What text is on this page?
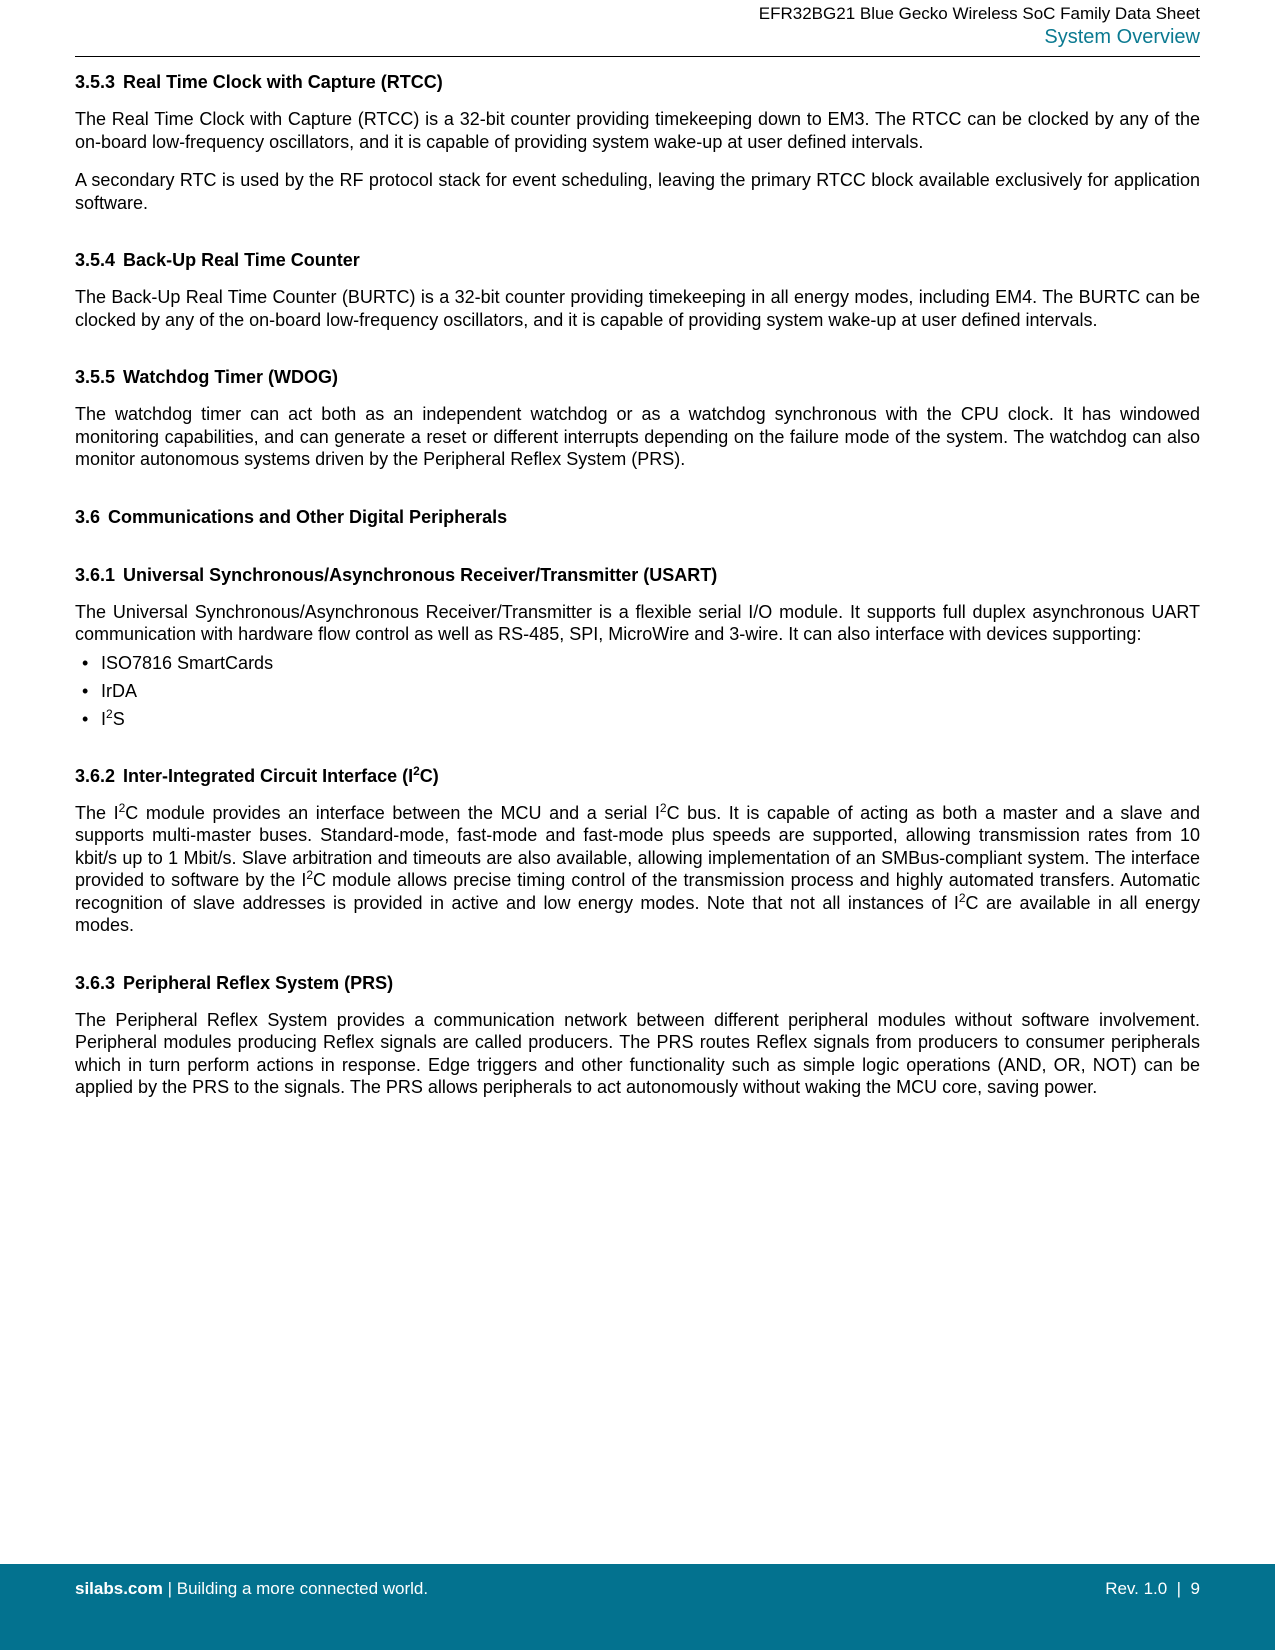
EFR32BG21 Blue Gecko Wireless SoC Family Data Sheet
System Overview
3.5.3 Real Time Clock with Capture (RTCC)

The Real Time Clock with Capture (RTCC) is a 32-bit counter providing timekeeping down to EM3. The RTCC can be clocked by any of the on-board low-frequency oscillators, and it is capable of providing system wake-up at user defined intervals.

A secondary RTC is used by the RF protocol stack for event scheduling, leaving the primary RTCC block available exclusively for application software.

3.5.4 Back-Up Real Time Counter

The Back-Up Real Time Counter (BURTC) is a 32-bit counter providing timekeeping in all energy modes, including EM4. The BURTC can be clocked by any of the on-board low-frequency oscillators, and it is capable of providing system wake-up at user defined intervals.

3.5.5 Watchdog Timer (WDOG)

The watchdog timer can act both as an independent watchdog or as a watchdog synchronous with the CPU clock. It has windowed monitoring capabilities, and can generate a reset or different interrupts depending on the failure mode of the system. The watchdog can also monitor autonomous systems driven by the Peripheral Reflex System (PRS).

3.6 Communications and Other Digital Peripherals
3.6.1 Universal Synchronous/Asynchronous Receiver/Transmitter (USART)

The Universal Synchronous/Asynchronous Receiver/Transmitter is a flexible serial I/O module. It supports full duplex asynchronous UART communication with hardware flow control as well as RS-485, SPI, MicroWire and 3-wire. It can also interface with devices supporting:

• ISO7816 SmartCards
• IrDA
• $I^2S$
3.6.2 Inter-Integrated Circuit Interface $(I^2C)$

The $I^2C$ module provides an interface between the MCU and a serial $I^2C$ bus. It is capable of acting as both a master and a slave and supports multi-master buses. Standard-mode, fast-mode and fast-mode plus speeds are supported, allowing transmission rates from 10 kbit/s up to 1 Mbit/s. Slave arbitration and timeouts are also available, allowing implementation of an SMBus-compliant system. The interface provided to software by the $I^2C$ module allows precise timing control of the transmission process and highly automated transfers. Automatic recognition of slave addresses is provided in active and low energy modes. Note that not all instances of $I^2C$ are available in all energy modes.

3.6.3 Peripheral Reflex System (PRS)

The Peripheral Reflex System provides a communication network between different peripheral modules without software involvement. Peripheral modules producing Reflex signals are called producers. The PRS routes Reflex signals from producers to consumer peripherals which in turn perform actions in response. Edge triggers and other functionality such as simple logic operations (AND, OR, NOT) can be applied by the PRS to the signals. The PRS allows peripherals to act autonomously without waking the MCU core, saving power.

silabs.com | Building a more connected world.	Rev. 1.0  |  9
